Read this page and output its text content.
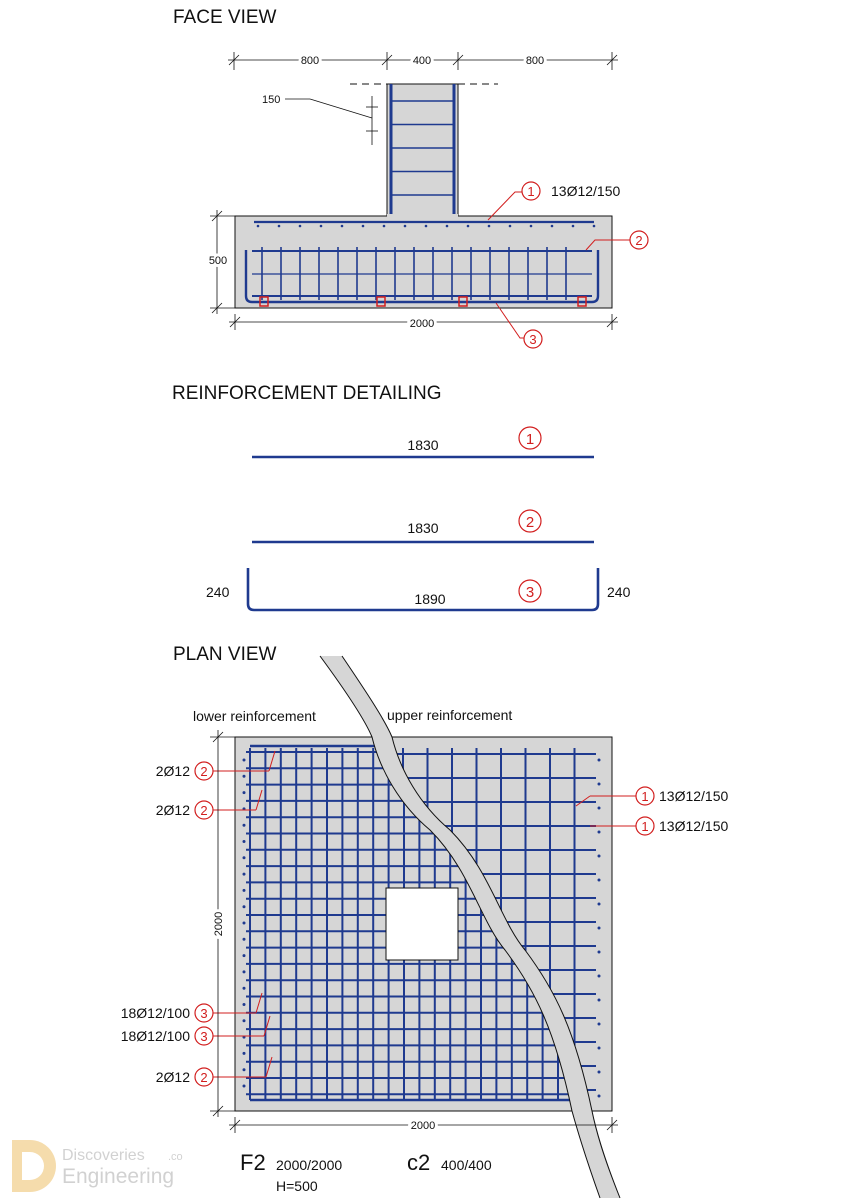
FACE VIEW
800	400	800
150
500
2000
1 13Ø12/150
2
3
REINFORCEMENT DETAILING
1830	1
1830	2
1890
240	240
3
PLAN VIEW
lower reinforcement	upper reinforcement
2
2Ø12
2
2Ø12
3
18Ø12/100
3
18Ø12/100
2
2Ø12
1 13Ø12/150
1 13Ø12/150
2000
2000
F2 2000/2000
H=500
c2 400/400
Discoveries .co
Engineering
